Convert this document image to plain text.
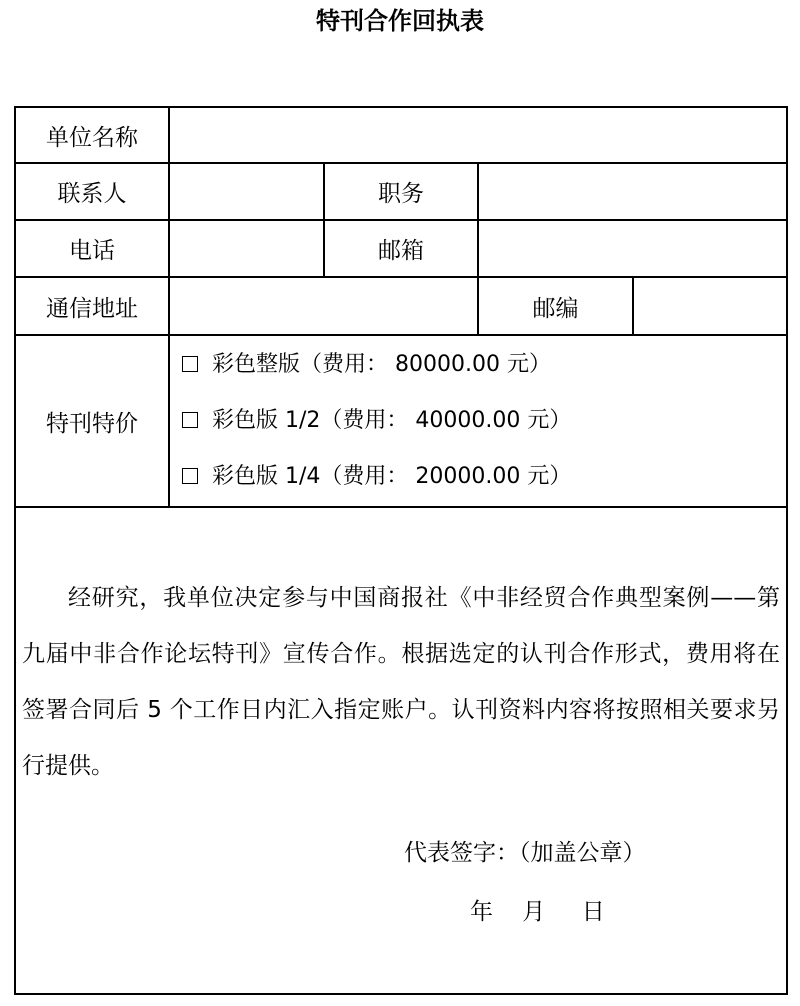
特刊合作回执表
单位名称				
联系人		职务		
电话		邮箱		
通信地址			邮编	
特刊特价	彩色整版（费用： 80000.00 元）
彩色版 1/2（费用： 40000.00 元）
彩色版 1/4（费用： 20000.00 元）			

经研究，我单位决定参与中国商报社《中非经贸合作典型案例——第九届中非合作论坛特刊》宣传合作。根据选定的认刊合作形式，费用将在签署合同后 5 个工作日内汇入指定账户。认刊资料内容将按照相关要求另行提供。

代表签字：（加盖公章）
年    月     日				
